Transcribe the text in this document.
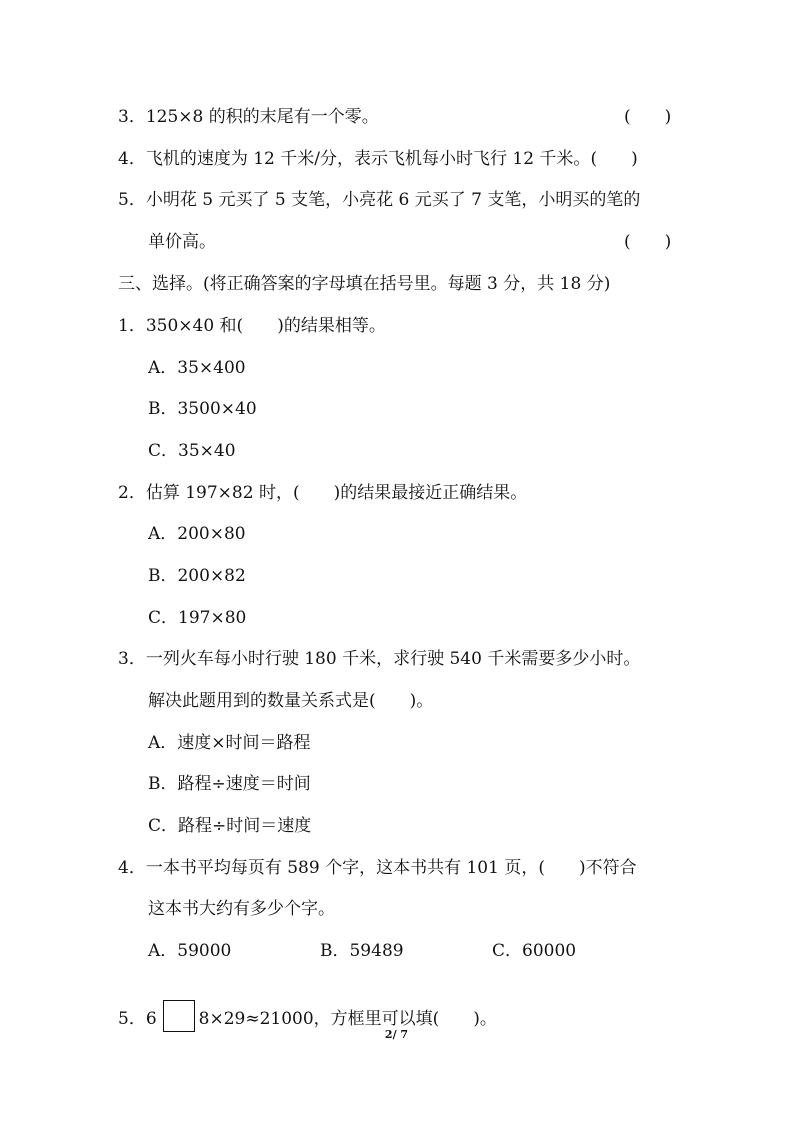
3．125×8 的积的末尾有一个零。	(　　)
4．飞机的速度为 12 千米/分，表示飞机每小时飞行 12 千米。(　　)
5．小明花 5 元买了 5 支笔，小亮花 6 元买了 7 支笔，小明买的笔的
单价高。	(　　)
三、选择。(将正确答案的字母填在括号里。每题 3 分，共 18 分)
1．350×40 和(　　)的结果相等。
A．35×400
B．3500×40
C．35×40
2．估算 197×82 时，(　　)的结果最接近正确结果。
A．200×80
B．200×82
C．197×80
3．一列火车每小时行驶 180 千米，求行驶 540 千米需要多少小时。
解决此题用到的数量关系式是(　　)。
A．速度×时间＝路程
B．路程÷速度＝时间
C．路程÷时间＝速度
4．一本书平均每页有 589 个字，这本书共有 101 页，(　　)不符合
这本书大约有多少个字。
A．59000	B．59489	C．60000
5．6 8×29≈21000，方框里可以填(　　)。
2/ 7
